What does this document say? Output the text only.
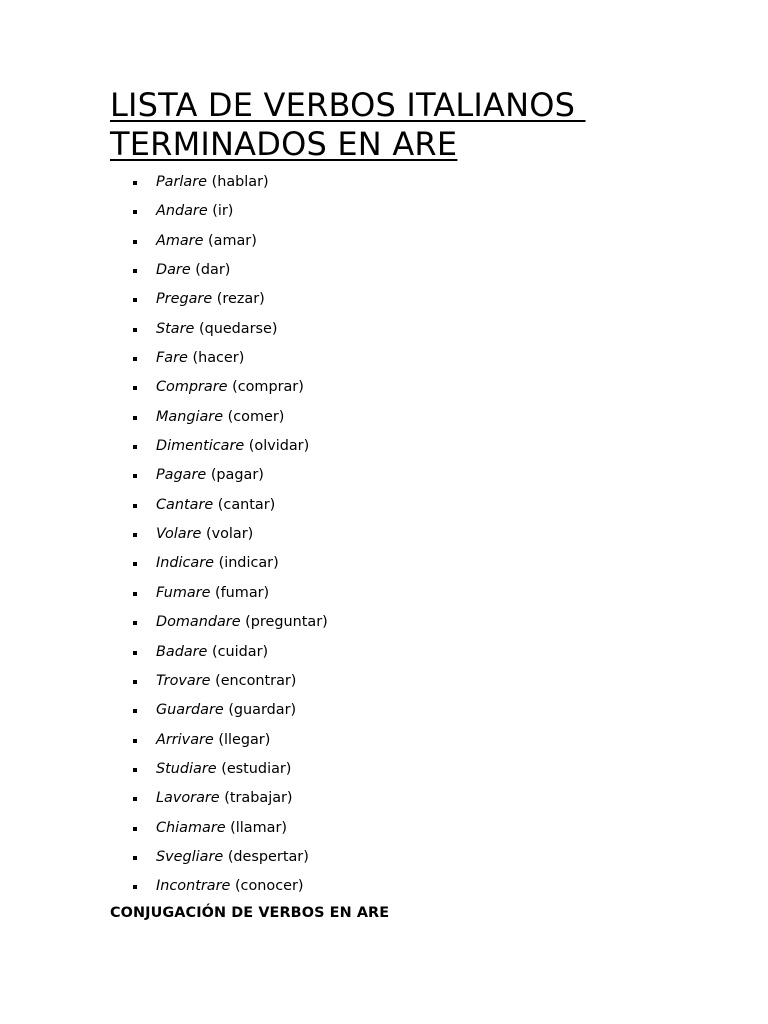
LISTA DE VERBOS ITALIANOS
TERMINADOS EN ARE
Parlare (hablar)
Andare (ir)
Amare (amar)
Dare (dar)
Pregare (rezar)
Stare (quedarse)
Fare (hacer)
Comprare (comprar)
Mangiare (comer)
Dimenticare (olvidar)
Pagare (pagar)
Cantare (cantar)
Volare (volar)
Indicare (indicar)
Fumare (fumar)
Domandare (preguntar)
Badare (cuidar)
Trovare (encontrar)
Guardare (guardar)
Arrivare (llegar)
Studiare (estudiar)
Lavorare (trabajar)
Chiamare (llamar)
Svegliare (despertar)
Incontrare (conocer)

CONJUGACIÓN DE VERBOS EN ARE
